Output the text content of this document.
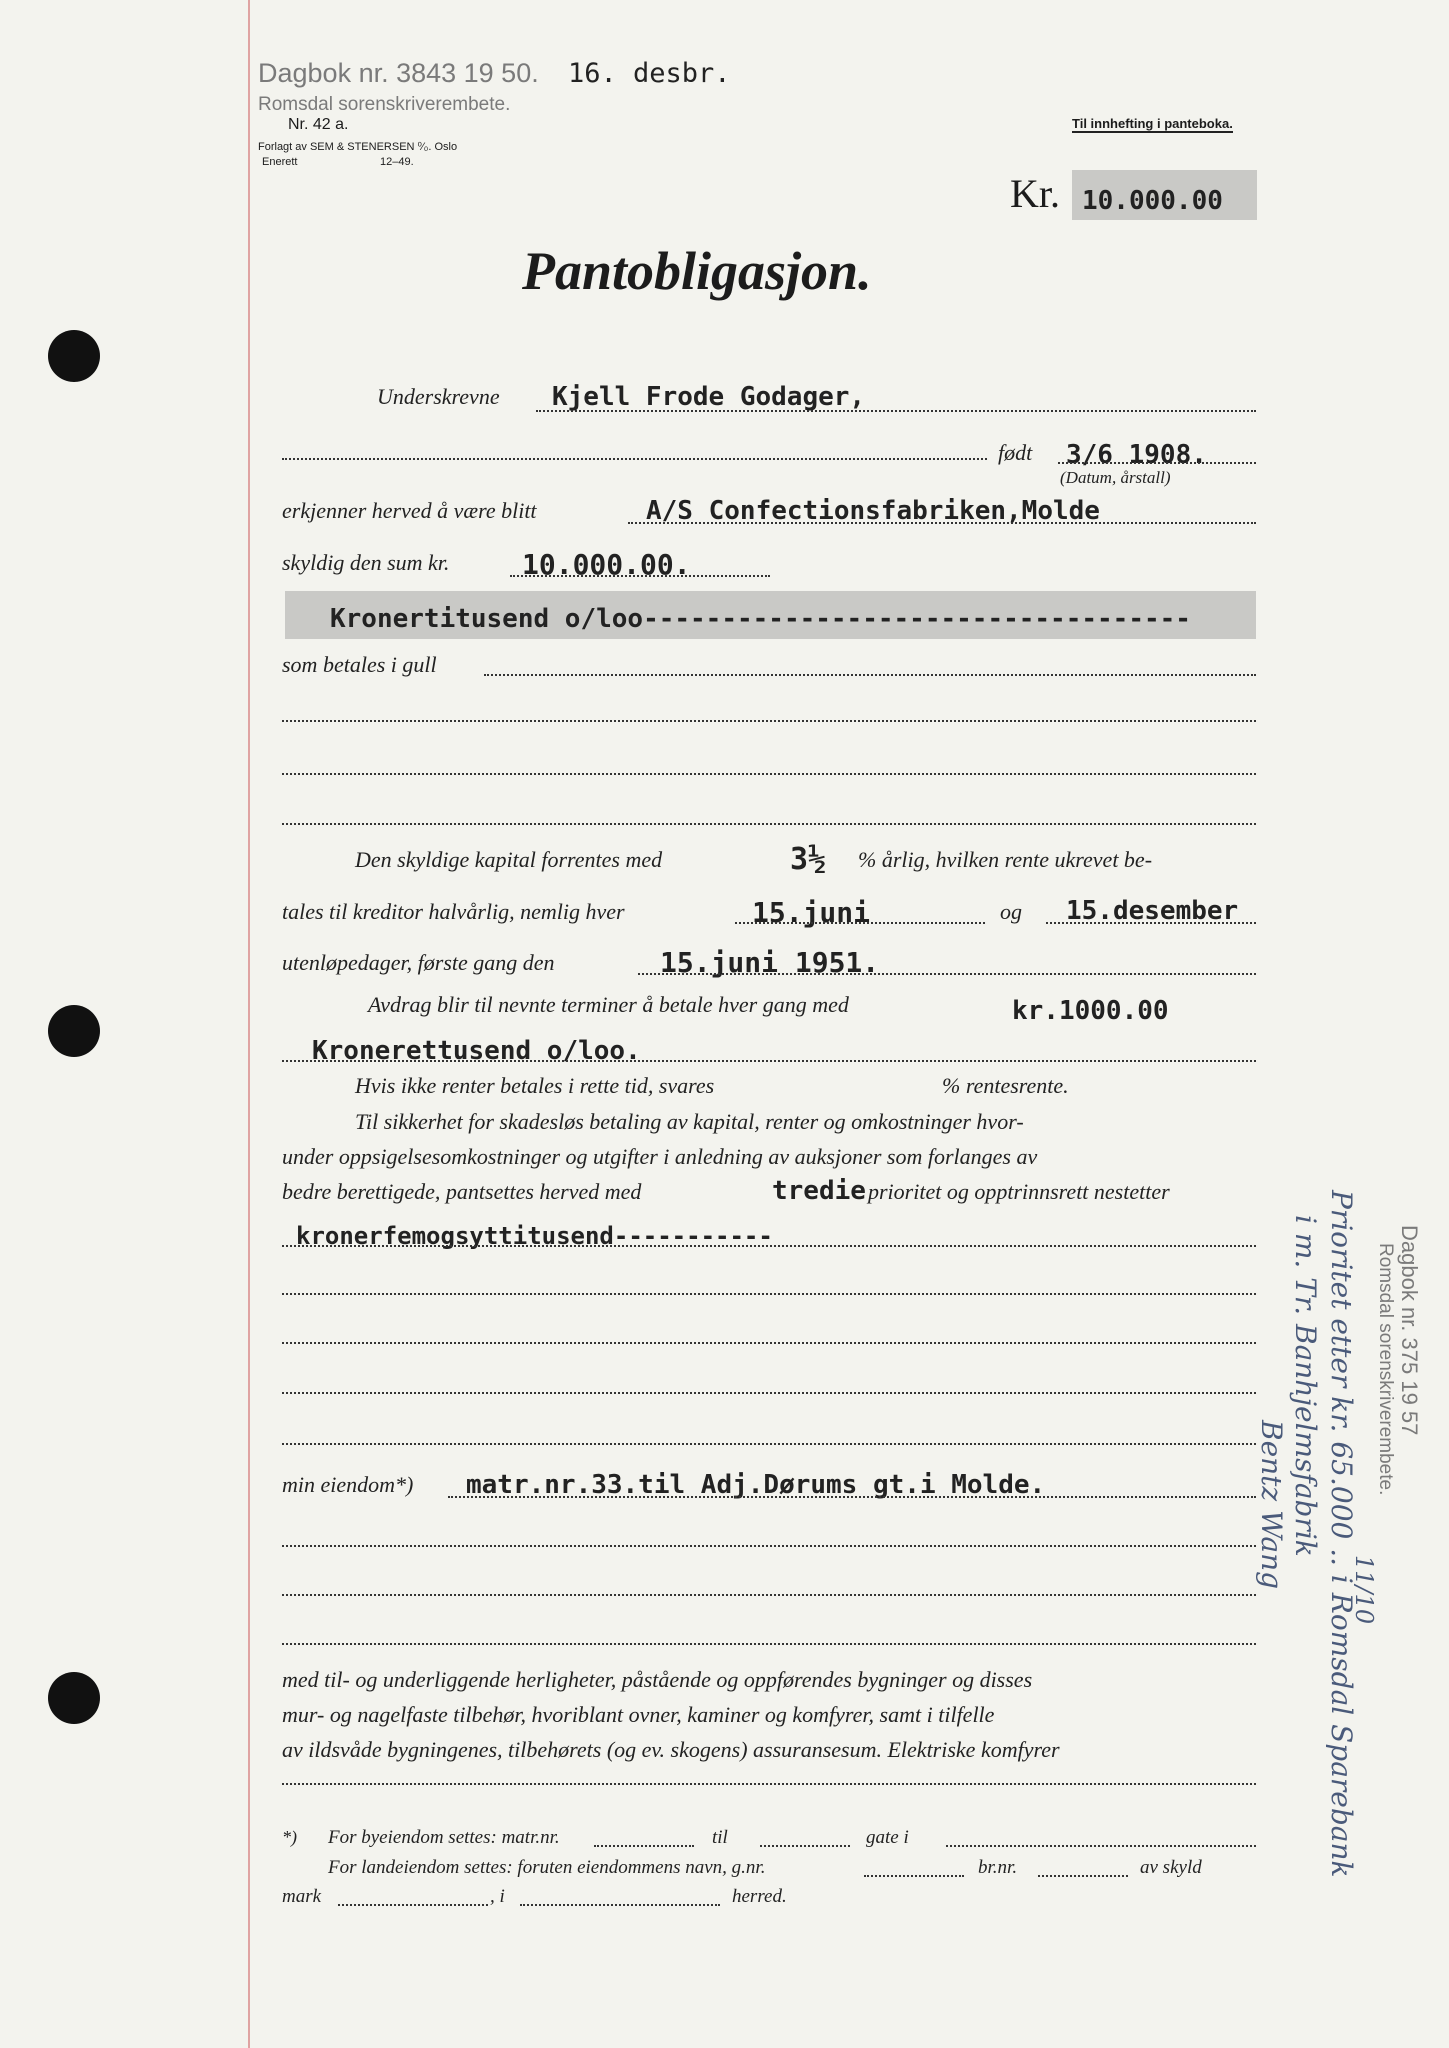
Dagbok nr. 3843 19 50. 16. desbr.
Romsdal sorenskriverembete.
Nr. 42 a.
Forlagt av SEM & STENERSEN ⁰⁄₀. Oslo
Enerett	12–49.
Til innhefting i panteboka.
Kr. 10.000.00
Pantobligasjon.
Underskrevne Kjell Frode Godager,
født 3/6 1908.
(Datum, årstall)
erkjenner herved å være blitt	A/S Confectionsfabriken,Molde
skyldig den sum kr.	10.000.00.
Kronertitusend o/loo-----------------------------------
som betales i gull
Den skyldige kapital forrentes med	3½ % årlig, hvilken rente ukrevet be-
tales til kreditor halvårlig, nemlig hver	15.juni	og 15.desember
utenløpedager, første gang den	15.juni 1951.
Avdrag blir til nevnte terminer å betale hver gang med	kr.1000.00
Kronerettusend o/loo.
Hvis ikke renter betales i rette tid, svares	% rentesrente.
Til sikkerhet for skadesløs betaling av kapital, renter og omkostninger hvor-
under oppsigelsesomkostninger og utgifter i anledning av auksjoner som forlanges av
bedre berettigede, pantsettes herved med	tredie prioritet og opptrinnsrett nestetter
kronerfemogsyttitusend-----------
min eiendom*) matr.nr.33.til Adj.Dørums gt.i Molde.
med til- og underliggende herligheter, påstående og oppførendes bygninger og disses
mur- og nagelfaste tilbehør, hvoriblant ovner, kaminer og komfyrer, samt i tilfelle
av ildsvåde bygningenes, tilbehørets (og ev. skogens) assuransesum. Elektriske komfyrer
*) For byeiendom settes: matr.nr.	til	gate i
For landeiendom settes: foruten eiendommens navn, g.nr.	br.nr.	av skyld
mark	, i	herred.
Dagbok nr. 375 19 57
Romsdal sorenskriverembete.
11/10
Prioritet etter kr. 65.000 .. i Romsdal Sparebank
i m. Tr. Banhjelmsfabrik
Bentz Wang
